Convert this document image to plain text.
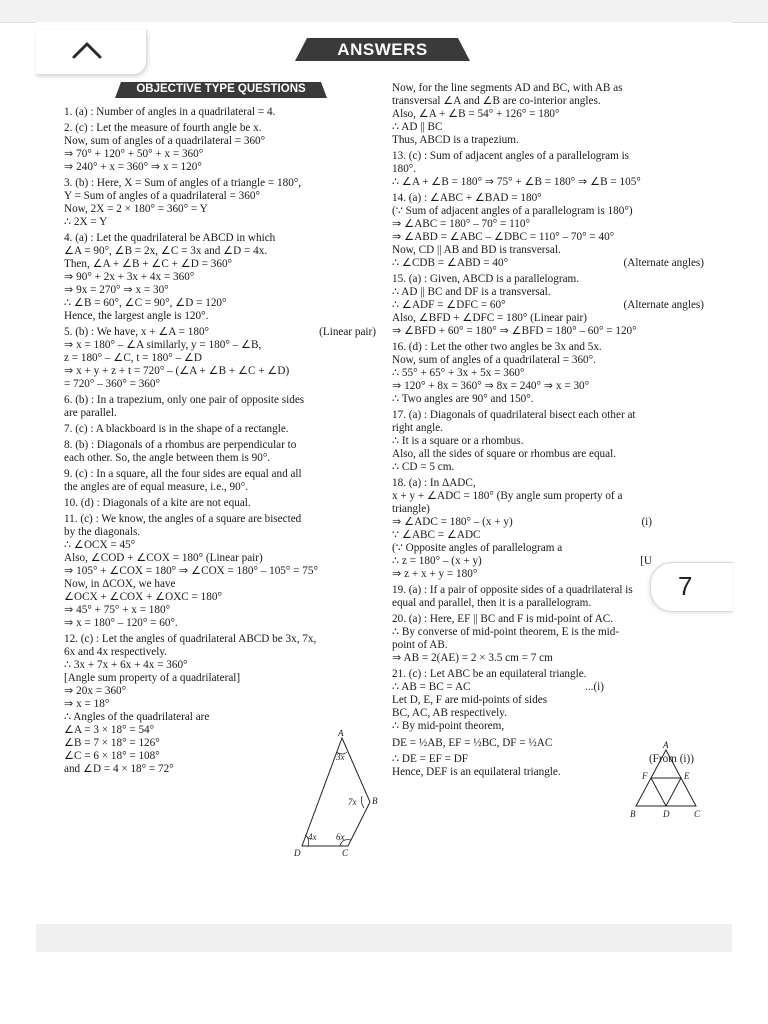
ANSWERS
OBJECTIVE TYPE QUESTIONS
1. (a) : Number of angles in a quadrilateral = 4.
2. (c) : Let the measure of fourth angle be x.
Now, sum of angles of a quadrilateral = 360°
⇒ 70° + 120° + 50° + x = 360°
⇒ 240° + x = 360° ⇒ x = 120°
3. (b) : Here, X = Sum of angles of a triangle = 180°,
Y = Sum of angles of a quadrilateral = 360°
Now, 2X = 2 × 180° = 360° = Y
∴ 2X = Y
4. (a) : Let the quadrilateral be ABCD in which
∠A = 90°, ∠B = 2x, ∠C = 3x and ∠D = 4x.
Then, ∠A + ∠B + ∠C + ∠D = 360°
⇒ 90° + 2x + 3x + 4x = 360°
⇒ 9x = 270° ⇒ x = 30°
∴ ∠B = 60°, ∠C = 90°, ∠D = 120°
Hence, the largest angle is 120°.
5. (b) : We have, x + ∠A = 180°	(Linear pair)
⇒ x = 180° – ∠A similarly, y = 180° – ∠B,
z = 180° – ∠C, t = 180° – ∠D
⇒ x + y + z + t = 720° – (∠A + ∠B + ∠C + ∠D)
= 720° – 360° = 360°
6. (b) : In a trapezium, only one pair of opposite sides
are parallel.
7. (c) : A blackboard is in the shape of a rectangle.
8. (b) : Diagonals of a rhombus are perpendicular to
each other. So, the angle between them is 90°.
9. (c) : In a square, all the four sides are equal and all
the angles are of equal measure, i.e., 90°.
10. (d) : Diagonals of a kite are not equal.
11. (c) : We know, the angles of a square are bisected
by the diagonals.
∴ ∠OCX = 45°
Also, ∠COD + ∠COX = 180° (Linear pair)
⇒ 105° + ∠COX = 180° ⇒ ∠COX = 180° – 105° = 75°
Now, in ΔCOX, we have
∠OCX + ∠COX + ∠OXC = 180°
⇒ 45° + 75° + x = 180°
⇒ x = 180° – 120° = 60°.
12. (c) : Let the angles of quadrilateral ABCD be 3x, 7x,
6x and 4x respectively.
∴ 3x + 7x + 6x + 4x = 360°
[Angle sum property of a quadrilateral]
⇒ 20x = 360°
⇒ x = 18°
∴ Angles of the quadrilateral are
∠A = 3 × 18° = 54°
∠B = 7 × 18° = 126°
∠C = 6 × 18° = 108°
and ∠D = 4 × 18° = 72°
A
B
C
D
3x
7x
6x
4x
Now, for the line segments AD and BC, with AB as
transversal ∠A and ∠B are co-interior angles.
Also, ∠A + ∠B = 54° + 126° = 180°
∴ AD || BC
Thus, ABCD is a trapezium.
13. (c) : Sum of adjacent angles of a parallelogram is
180°.
∴ ∠A + ∠B = 180° ⇒ 75° + ∠B = 180° ⇒ ∠B = 105°
14. (a) : ∠ABC + ∠BAD = 180°
(∵ Sum of adjacent angles of a parallelogram is 180°)
⇒ ∠ABC = 180° – 70° = 110°
⇒ ∠ABD = ∠ABC – ∠DBC = 110° – 70° = 40°
Now, CD || AB and BD is transversal.
∴ ∠CDB = ∠ABD = 40°	(Alternate angles)
15. (a) : Given, ABCD is a parallelogram.
∴ AD || BC and DF is a transversal.
∴ ∠ADF = ∠DFC = 60°	(Alternate angles)
Also, ∠BFD + ∠DFC = 180° (Linear pair)
⇒ ∠BFD + 60° = 180° ⇒ ∠BFD = 180° – 60° = 120°
16. (d) : Let the other two angles be 3x and 5x.
Now, sum of angles of a quadrilateral = 360°.
∴ 55° + 65° + 3x + 5x = 360°
⇒ 120° + 8x = 360° ⇒ 8x = 240° ⇒ x = 30°
∴ Two angles are 90° and 150°.
17. (a) : Diagonals of quadrilateral bisect each other at
right angle.
∴ It is a square or a rhombus.
Also, all the sides of square or rhombus are equal.
∴ CD = 5 cm.
18. (a) : In ΔADC,
x + y + ∠ADC = 180° (By angle sum property of a
triangle)
⇒ ∠ADC = 180° – (x + y)	(i)
∵ ∠ABC = ∠ADC
(∵ Opposite angles of parallelogram a
∴ z = 180° – (x + y)	[U
⇒ z + x + y = 180°
19. (a) : If a pair of opposite sides of a quadrilateral is
equal and parallel, then it is a parallelogram.
20. (a) : Here, EF || BC and F is mid-point of AC.
∴ By converse of mid-point theorem, E is the mid-
point of AB.
⇒ AB = 2(AE) = 2 × 3.5 cm = 7 cm
21. (c) : Let ABC be an equilateral triangle.
∴ AB = BC = AC	...(i)
Let D, E, F are mid-points of sides
BC, AC, AB respectively.
∴ By mid-point theorem,
DE = ½AB, EF = ½BC, DF = ½AC
∴ DE = EF = DF	(From (i))
Hence, DEF is an equilateral triangle.
A
B	C
D
E
F
7
